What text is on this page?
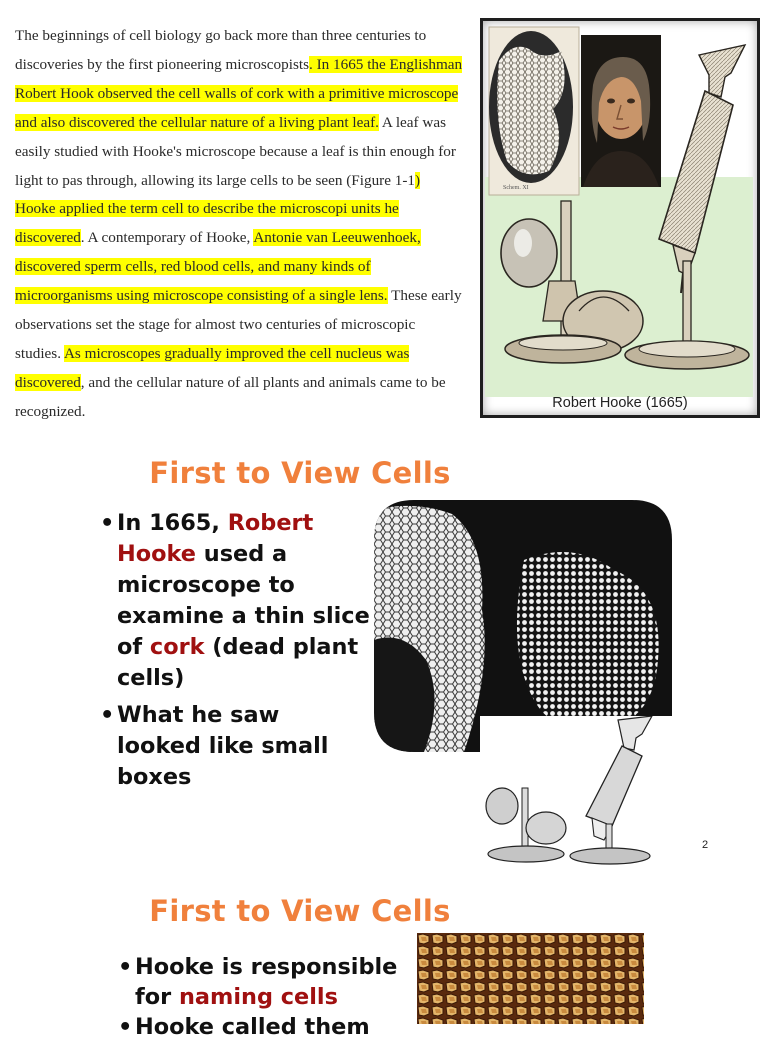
The beginnings of cell biology go back more than three centuries to discoveries by the first pioneering microscopists. In 1665 the Englishman Robert Hook observed the cell walls of cork with a primitive microscope and also discovered the cellular nature of a living plant leaf. A leaf was easily studied with Hooke's microscope because a leaf is thin enough for light to pas through, allowing its large cells to be seen (Figure 1-1) Hooke applied the term cell to describe the microscopi units he discovered. A contemporary of Hooke, Antonie van Leeuwenhoek, discovered sperm cells, red blood cells, and many kinds of microorganisms using microscope consisting of a single lens. These early observations set the stage for almost two centuries of microscopic studies. As microscopes gradually improved the cell nucleus was discovered, and the cellular nature of all plants and animals came to be recognized.
Schem. XI
Robert Hooke (1665)
First to View Cells
• In 1665, Robert Hooke used a microscope to examine a thin slice of cork (dead plant cells)
• What he saw looked like small boxes
2
First to View Cells
• Hooke is responsible for naming cells
• Hooke called them
